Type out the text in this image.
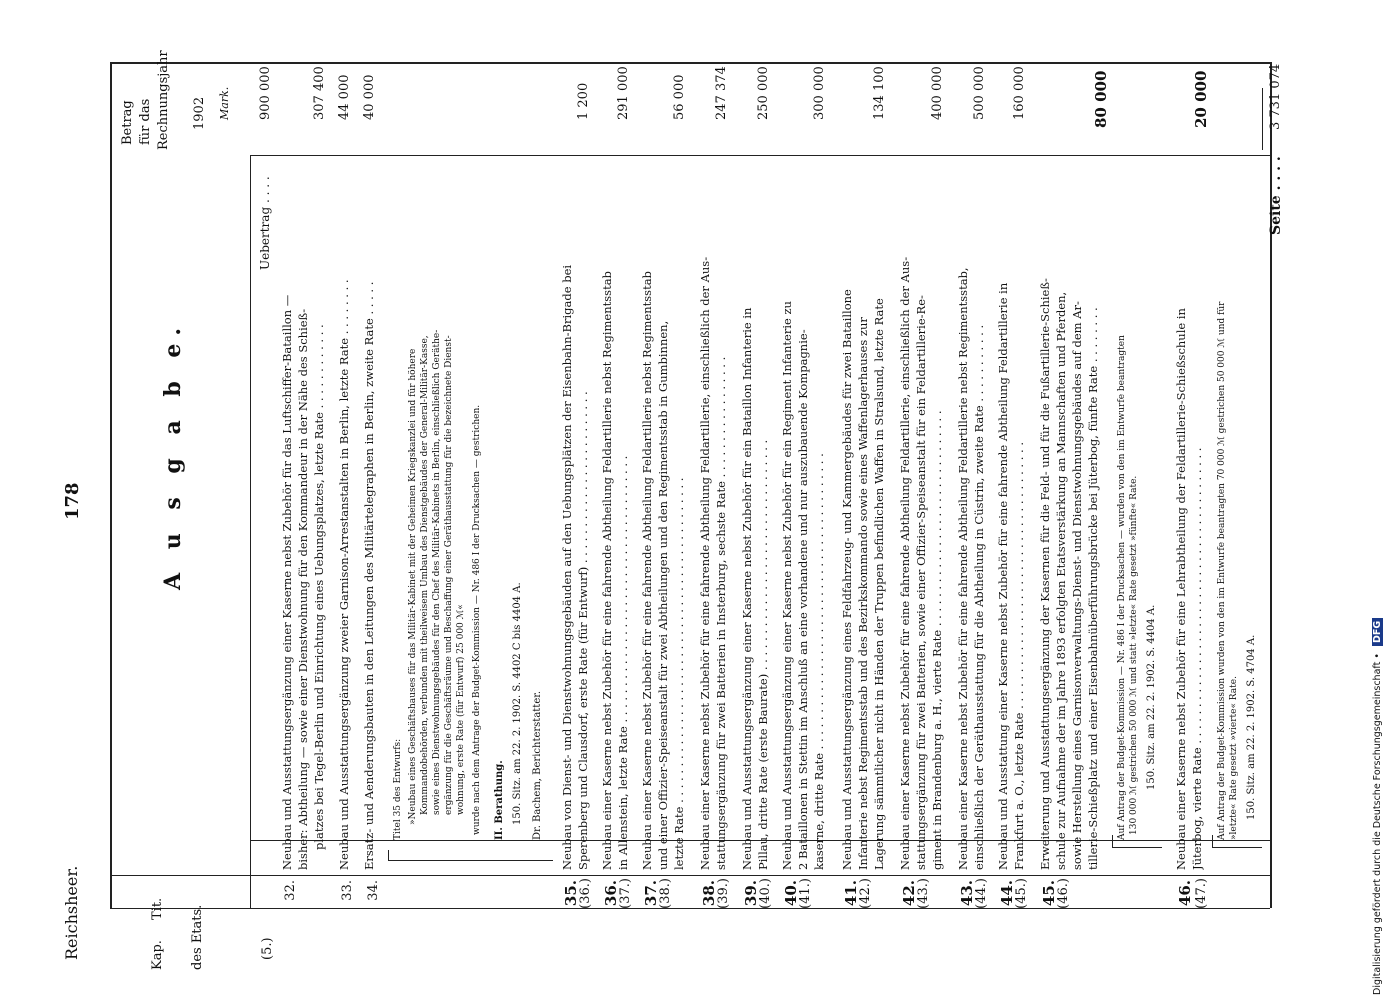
Reichsheer.
178
Kap.
Tit. des Etats.
Betrag für das Rechnungsjahr 1902 Mark.
A u s g a b e.
(5.)
Uebertrag . . . .
900 000
32.
Neubau und Ausstattungsergänzung einer Kaserne nebst Zubehör für das Luftschiffer-Bataillon — bisher: Abtheilung — sowie einer Dienstwohnung für den Kommandeur in der Nähe des Schieß- platzes bei Tegel-Berlin und Einrichtung eines Uebungsplatzes, letzte Rate . . . . . . . . . . . .
307 400
33.
Neubau und Ausstattungsergänzung zweier Garnison-Arrestanstalten in Berlin, letzte Rate . . . . . . . .
44 000
34.
Ersatz- und Aenderungsbauten in den Leitungen des Militärtelegraphen in Berlin, zweite Rate . . . . .
40 000
Titel 35 des Entwurfs: »Neubau eines Geschäftshauses für das Militär-Kabinet mit der Geheimen Kriegskanzlei und für höhere Kommandobehörden, verbunden mit theilweisem Umbau des Dienstgebäudes der General-Militär-Kasse, sowie eines Dienstwohnungsgebäudes für den Chef des Militär-Kabinets in Berlin, einschließlich Geräthe- ergänzung für die Geschäftsräume und Beschaffung einer Geräthausstattung für die bezeichnete Dienst- wohnung, erste Rate (für Entwurf) 25 000 ℳ« wurde nach dem Antrage der Budget-Kommission — Nr. 486 I der Drucksachen — gestrichen. II. Berathung. 150. Sitz. am 22. 2. 1902. S. 4402 C bis 4404 A. Dr. Bachem, Berichterstatter.
35.
(36.)
Neubau von Dienst- und Dienstwohnungsgebäuden auf den Uebungsplätzen der Eisenbahn-Brigade bei Sperenberg und Clausdorf, erste Rate (für Entwurf) . . . . . . . . . . . . . . . . . . . . . . . .
1 200
36.
(37.)
Neubau einer Kaserne nebst Zubehör für eine fahrende Abtheilung Feldartillerie nebst Regimentsstab in Allenstein, letzte Rate . . . . . . . . . . . . . . . . . . . . . . . . . . . . . . . . . . . . .
291 000
37.
(38.)
Neubau einer Kaserne nebst Zubehör für eine fahrende Abtheilung Feldartillerie nebst Regimentsstab und einer Offizier-Speiseanstalt für zwei Abtheilungen und den Regimentsstab in Gumbinnen, letzte Rate . . . . . . . . . . . . . . . . . . . . . . . . . . . . . . . . . . . . . . . . . . . . .
56 000
38.
(39.)
Neubau einer Kaserne nebst Zubehör für eine fahrende Abtheilung Feldartillerie, einschließlich der Aus- stattungsergänzung für zwei Batterien in Insterburg, sechste Rate . . . . . . . . . . . . . . . . .
247 374
39.
(40.)
Neubau und Ausstattungsergänzung einer Kaserne nebst Zubehör für ein Bataillon Infanterie in Pillau, dritte Rate (erste Baurate) . . . . . . . . . . . . . . . . . . . . . . . . . . . . . . . .
250 000
40.
(41.)
Neubau und Ausstattungsergänzung einer Kaserne nebst Zubehör für ein Regiment Infanterie zu 2 Bataillonen in Stettin im Anschluß an eine vorhandene und nur auszubauende Kompagnie- kaserne, dritte Rate . . . . . . . . . . . . . . . . . . . . . . . . . . . . . . . . . . . . . . . . .
300 000
41.
(42.)
Neubau und Ausstattungsergänzung eines Feldfahrzeug- und Kammergebäudes für zwei Bataillone Infanterie nebst Regimentsstab und des Bezirkskommando sowie eines Waffenlagerhauses zur Lagerung sämmtlicher nicht in Händen der Truppen befindlichen Waffen in Stralsund, letzte Rate
134 100
42.
(43.)
Neubau einer Kaserne nebst Zubehör für eine fahrende Abtheilung Feldartillerie, einschließlich der Aus- stattungsergänzung für zwei Batterien, sowie einer Offizier-Speiseanstalt für ein Feldartillerie-Re- giment in Brandenburg a. H., vierte Rate . . . . . . . . . . . . . . . . . . . . . . . . . . . . . .
400 000
43.
(44.)
Neubau einer Kaserne nebst Zubehör für eine fahrende Abtheilung Feldartillerie nebst Regimentsstab, einschließlich der Geräthausstattung für die Abtheilung in Cüstrin, zweite Rate . . . . . . . . . . .
500 000
44.
(45.)
Neubau und Ausstattung einer Kaserne nebst Zubehör für eine fahrende Abtheilung Feldartillerie in Frankfurt a. O., letzte Rate . . . . . . . . . . . . . . . . . . . . . . . . . . . . . . . . . . . . .
160 000
45.
(46.)
Erweiterung und Ausstattungsergänzung der Kasernen für die Feld- und für die Fußartillerie-Schieß- schule zur Aufnahme der im Jahre 1893 erfolgten Etatsverstärkung an Mannschaften und Pferden, sowie Herstellung eines Garnisonverwaltungs-Dienst- und Dienstwohnungsgebäudes auf dem Ar- tillerie-Schießplatz und einer Eisenbahnüberführungsbrücke bei Jüterbog, fünfte Rate . . . . . . . .
80 000
Auf Antrag der Budget-Kommission — Nr. 486 I der Drucksachen — wurden von den im Entwurfe beantragten 130 000 ℳ gestrichen 50 000 ℳ und statt »letzte« Rate gesetzt »fünfte« Rate. 150. Sitz. am 22. 2. 1902. S. 4404 A.
46. (47.)
Neubau einer Kaserne nebst Zubehör für eine Lehrabtheilung der Feldartillerie-Schießschule in Jüterbog, vierte Rate . . . . . . . . . . . . . . . . . . . . . . . . . . . . . . . . . . . . . . . . .
20 000
Auf Antrag der Budget-Kommission wurden von den im Entwurfe beantragten 70 000 ℳ gestrichen 50 000 ℳ und für »letzte« Rate gesetzt »vierte« Rate. 150. Sitz. am 22. 2. 1902. S. 4704 A.
Seite . . . .
3 731 074
Digitalisierung gefördert durch die Deutsche Forschungsgemeinschaft • DFG
